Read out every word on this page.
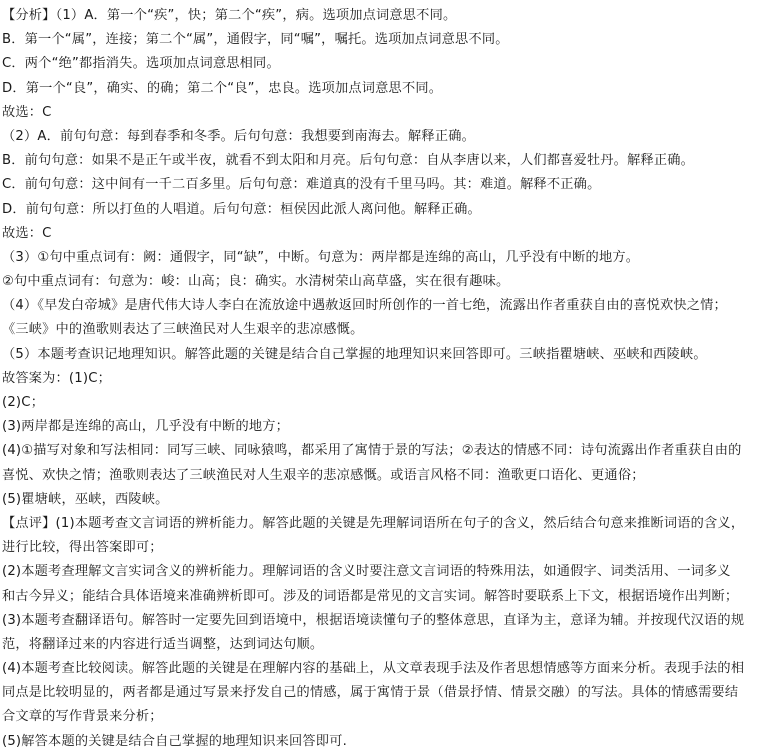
【分析】（1）A．第一个“疾”，快；第二个“疾”，病。选项加点词意思不同。
B．第一个“属”，连接；第二个“属”，通假字，同“嘱”，嘱托。选项加点词意思不同。
C．两个“绝”都指消失。选项加点词意思相同。
D．第一个“良”，确实、的确；第二个“良”，忠良。选项加点词意思不同。
故选：C
（2）A．前句句意：每到春季和冬季。后句句意：我想要到南海去。解释正确。
B．前句句意：如果不是正午或半夜，就看不到太阳和月亮。后句句意：自从李唐以来，人们都喜爱牡丹。解释正确。
C．前句句意：这中间有一千二百多里。后句句意：难道真的没有千里马吗。其：难道。解释不正确。
D．前句句意：所以打鱼的人唱道。后句句意：桓侯因此派人离问他。解释正确。
故选：C
（3）①句中重点词有：阙：通假字，同“缺”，中断。句意为：两岸都是连绵的高山，几乎没有中断的地方。
②句中重点词有：句意为：峻：山高；良：确实。水清树荣山高草盛，实在很有趣味。
（4）《早发白帝城》是唐代伟大诗人李白在流放途中遇赦返回时所创作的一首七绝，流露出作者重获自由的喜悦欢快之情；
《三峡》中的渔歌则表达了三峡渔民对人生艰辛的悲凉感慨。
（5）本题考查识记地理知识。解答此题的关键是结合自己掌握的地理知识来回答即可。三峡指瞿塘峡、巫峡和西陵峡。
故答案为：(1)C；
(2)C；
(3)两岸都是连绵的高山，几乎没有中断的地方；
(4)①描写对象和写法相同：同写三峡、同咏猿鸣，都采用了寓情于景的写法；②表达的情感不同：诗句流露出作者重获自由的
喜悦、欢快之情；渔歌则表达了三峡渔民对人生艰辛的悲凉感慨。或语言风格不同：渔歌更口语化、更通俗；
(5)瞿塘峡，巫峡，西陵峡。
【点评】(1)本题考查文言词语的辨析能力。解答此题的关键是先理解词语所在句子的含义，然后结合句意来推断词语的含义，
进行比较，得出答案即可；
(2)本题考查理解文言实词含义的辨析能力。理解词语的含义时要注意文言词语的特殊用法，如通假字、词类活用、一词多义
和古今异义；能结合具体语境来准确辨析即可。涉及的词语都是常见的文言实词。解答时要联系上下文，根据语境作出判断；
(3)本题考查翻译语句。解答时一定要先回到语境中，根据语境读懂句子的整体意思，直译为主，意译为辅。并按现代汉语的规
范，将翻译过来的内容进行适当调整，达到词达句顺。
(4)本题考查比较阅读。解答此题的关键是在理解内容的基础上，从文章表现手法及作者思想情感等方面来分析。表现手法的相
同点是比较明显的，两者都是通过写景来抒发自己的情感，属于寓情于景（借景抒情、情景交融）的写法。具体的情感需要结
合文章的写作背景来分析；
(5)解答本题的关键是结合自己掌握的地理知识来回答即可.
